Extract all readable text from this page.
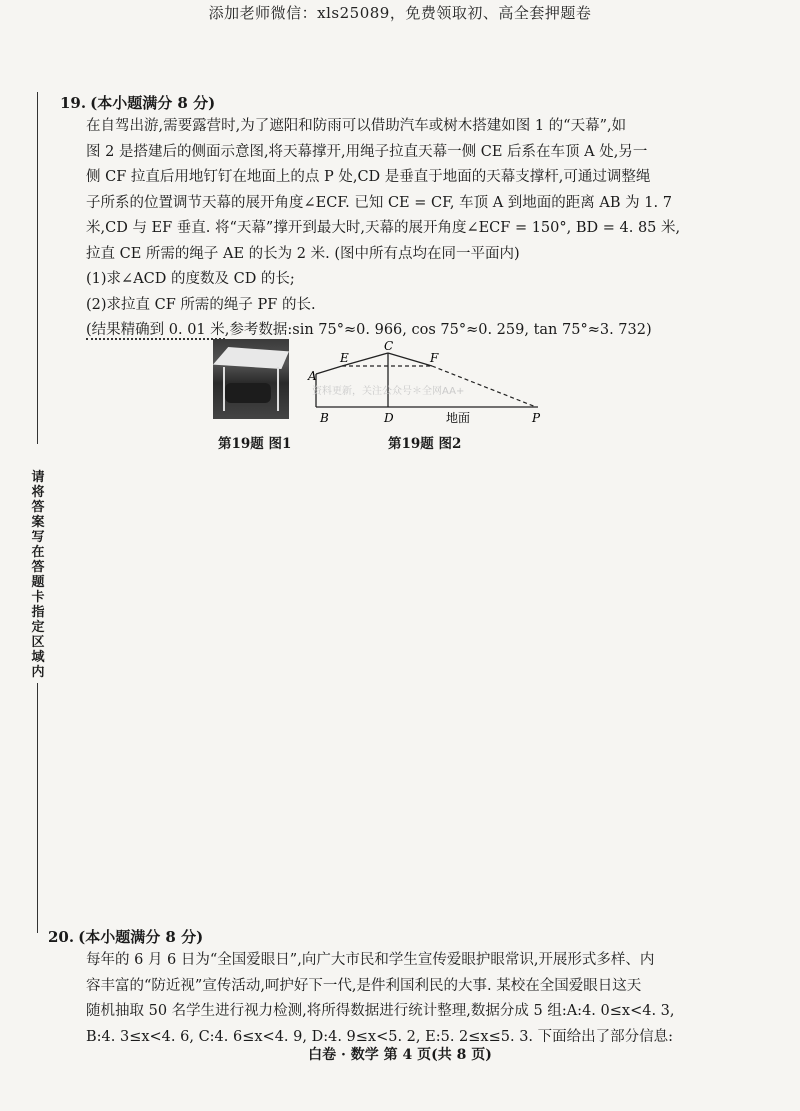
添加老师微信：xls25089，免费领取初、高全套押题卷
请将答案写在答题卡指定区域内
19. (本小题满分 8 分)

在自驾出游,需要露营时,为了遮阳和防雨可以借助汽车或树木搭建如图 1 的“天幕”,如

图 2 是搭建后的侧面示意图,将天幕撑开,用绳子拉直天幕一侧 CE 后系在车顶 A 处,另一

侧 CF 拉直后用地钉钉在地面上的点 P 处,CD 是垂直于地面的天幕支撑杆,可通过调整绳

子所系的位置调节天幕的展开角度∠ECF. 已知 CE = CF, 车顶 A 到地面的距离 AB 为 1. 7

米,CD 与 EF 垂直. 将“天幕”撑开到最大时,天幕的展开角度∠ECF = 150°, BD = 4. 85 米,

拉直 CE 所需的绳子 AE 的长为 2 米. (图中所有点均在同一平面内)

(1)求∠ACD 的度数及 CD 的长;

(2)求拉直 CF 所需的绳子 PF 的长.

(结果精确到 0. 01 米,参考数据:sin 75°≈0. 966, cos 75°≈0. 259, tan 75°≈3. 732)

第19题 图1
A
B
E
C
F
D	P
地面
资料更新，关注公众号＊全网AA+
第19题 图2
20. (本小题满分 8 分)

每年的 6 月 6 日为“全国爱眼日”,向广大市民和学生宣传爱眼护眼常识,开展形式多样、内

容丰富的“防近视”宣传活动,呵护好下一代,是件利国利民的大事. 某校在全国爱眼日这天

随机抽取 50 名学生进行视力检测,将所得数据进行统计整理,数据分成 5 组:A:4. 0≤x<4. 3,

B:4. 3≤x<4. 6, C:4. 6≤x<4. 9, D:4. 9≤x<5. 2, E:5. 2≤x≤5. 3. 下面给出了部分信息:

白卷 · 数学 第 4 页(共 8 页)
